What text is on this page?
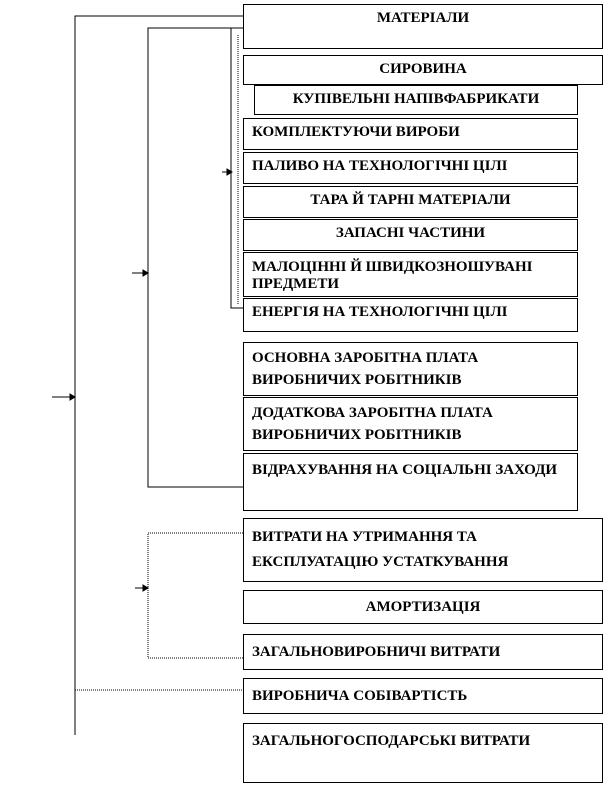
МАТЕРІАЛИ
СИРОВИНА
КУПІВЕЛЬНІ НАПІВФАБРИКАТИ
КОМПЛЕКТУЮЧИ ВИРОБИ
ПАЛИВО НА ТЕХНОЛОГІЧНІ ЦІЛІ
ТАРА Й ТАРНІ МАТЕРІАЛИ
ЗАПАСНІ ЧАСТИНИ
МАЛОЦІННІ Й ШВИДКОЗНОШУВАНІ ПРЕДМЕТИ
ЕНЕРГІЯ НА ТЕХНОЛОГІЧНІ ЦІЛІ
ОСНОВНА ЗАРОБІТНА ПЛАТА ВИРОБНИЧИХ РОБІТНИКІВ
ДОДАТКОВА ЗАРОБІТНА ПЛАТА ВИРОБНИЧИХ РОБІТНИКІВ
ВІДРАХУВАННЯ НА СОЦІАЛЬНІ ЗАХОДИ
ВИТРАТИ НА УТРИМАННЯ ТА ЕКСПЛУАТАЦІЮ УСТАТКУВАННЯ
АМОРТИЗАЦІЯ
ЗАГАЛЬНОВИРОБНИЧІ ВИТРАТИ
ВИРОБНИЧА СОБІВАРТІСТЬ
ЗАГАЛЬНОГОСПОДАРСЬКІ ВИТРАТИ
